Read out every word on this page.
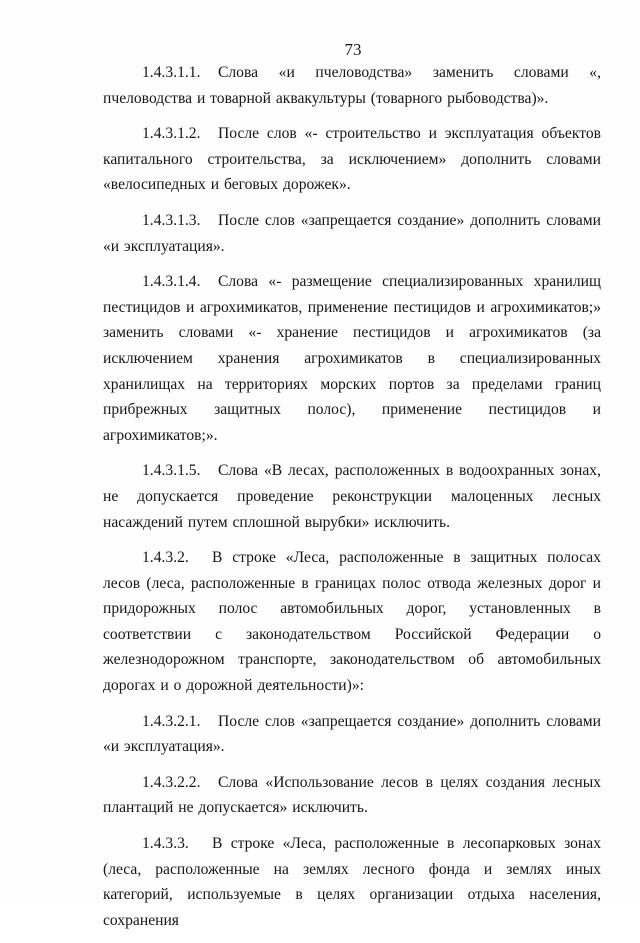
73

1.4.3.1.1. Слова «и пчеловодства» заменить словами «, пчеловодства и товарной аквакультуры (товарного рыбоводства)».

1.4.3.1.2. После слов «- строительство и эксплуатация объектов капитального строительства, за исключением» дополнить словами «велосипедных и беговых дорожек».

1.4.3.1.3. После слов «запрещается создание» дополнить словами «и эксплуатация».

1.4.3.1.4. Слова «- размещение специализированных хранилищ пестицидов и агрохимикатов, применение пестицидов и агрохимикатов;» заменить словами «- хранение пестицидов и агрохимикатов (за исключением хранения агрохимикатов в специализированных хранилищах на территориях морских портов за пределами границ прибрежных защитных полос), применение пестицидов и агрохимикатов;».

1.4.3.1.5. Слова «В лесах, расположенных в водоохранных зонах, не допускается проведение реконструкции малоценных лесных насаждений путем сплошной вырубки» исключить.

1.4.3.2. В строке «Леса, расположенные в защитных полосах лесов (леса, расположенные в границах полос отвода железных дорог и придорожных полос автомобильных дорог, установленных в соответствии с законодательством Российской Федерации о железнодорожном транспорте, законодательством об автомобильных дорогах и о дорожной деятельности)»:

1.4.3.2.1. После слов «запрещается создание» дополнить словами «и эксплуатация».

1.4.3.2.2. Слова «Использование лесов в целях создания лесных плантаций не допускается» исключить.

1.4.3.3. В строке «Леса, расположенные в лесопарковых зонах (леса, расположенные на землях лесного фонда и землях иных категорий, используемые в целях организации отдыха населения, сохранения
